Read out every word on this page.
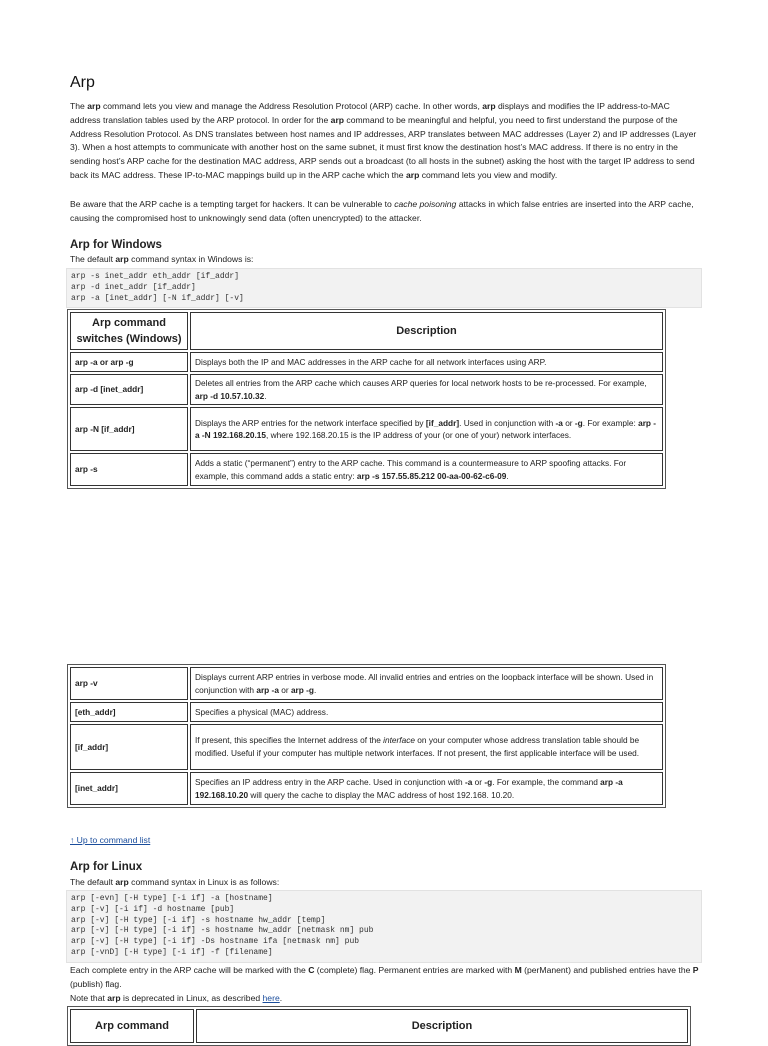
Arp

The arp command lets you view and manage the Address Resolution Protocol (ARP) cache. In other words, arp displays and modifies the IP address-to-MAC address translation tables used by the ARP protocol. In order for the arp command to be meaningful and helpful, you need to first understand the purpose of the Address Resolution Protocol. As DNS translates between host names and IP addresses, ARP translates between MAC addresses (Layer 2) and IP addresses (Layer 3). When a host attempts to communicate with another host on the same subnet, it must first know the destination host’s MAC address. If there is no entry in the sending host’s ARP cache for the destination MAC address, ARP sends out a broadcast (to all hosts in the subnet) asking the host with the target IP address to send back its MAC address. These IP-to-MAC mappings build up in the ARP cache which the arp command lets you view and modify.

Be aware that the ARP cache is a tempting target for hackers. It can be vulnerable to cache poisoning attacks in which false entries are inserted into the ARP cache, causing the compromised host to unknowingly send data (often unencrypted) to the attacker.

Arp for Windows

The default arp command syntax in Windows is:

arp -s inet_addr eth_addr [if_addr]
arp -d inet_addr [if_addr]
arp -a [inet_addr] [-N if_addr] [-v]
Arp command switches (Windows)	Description
arp -a or arp -g	Displays both the IP and MAC addresses in the ARP cache for all network interfaces using ARP.
arp -d [inet_addr]	Deletes all entries from the ARP cache which causes ARP queries for local network hosts to be re-processed. For example, arp -d 10.57.10.32.
arp -N [if_addr]	Displays the ARP entries for the network interface specified by [if_addr]. Used in conjunction with -a or -g. For example: arp -a -N 192.168.20.15, where 192.168.20.15 is the IP address of your (or one of your) network interfaces.
arp -s	Adds a static (“permanent”) entry to the ARP cache. This command is a countermeasure to ARP spoofing attacks. For example, this command adds a static entry: arp -s 157.55.85.212 00-aa-00-62-c6-09.
arp -v	Displays current ARP entries in verbose mode. All invalid entries and entries on the loopback interface will be shown. Used in conjunction with arp -a or arp -g.
[eth_addr]	Specifies a physical (MAC) address.
[if_addr]	If present, this specifies the Internet address of the interface on your computer whose address translation table should be modified. Useful if your computer has multiple network interfaces. If not present, the first applicable interface will be used.
[inet_addr]	Specifies an IP address entry in the ARP cache. Used in conjunction with -a or -g. For example, the command arp -a 192.168.10.20 will query the cache to display the MAC address of host 192.168. 10.20.
↑ Up to command list
Arp for Linux

The default arp command syntax in Linux is as follows:

arp [-evn] [-H type] [-i if] -a [hostname]
arp [-v] [-i if] -d hostname [pub]
arp [-v] [-H type] [-i if] -s hostname hw_addr [temp]
arp [-v] [-H type] [-i if] -s hostname hw_addr [netmask nm] pub
arp [-v] [-H type] [-i if] -Ds hostname ifa [netmask nm] pub
arp [-vnD] [-H type] [-i if] -f [filename]

Each complete entry in the ARP cache will be marked with the C (complete) flag. Permanent entries are marked with M (perManent) and published entries have the P (publish) flag.

Note that arp is deprecated in Linux, as described here.

Arp command	Description
